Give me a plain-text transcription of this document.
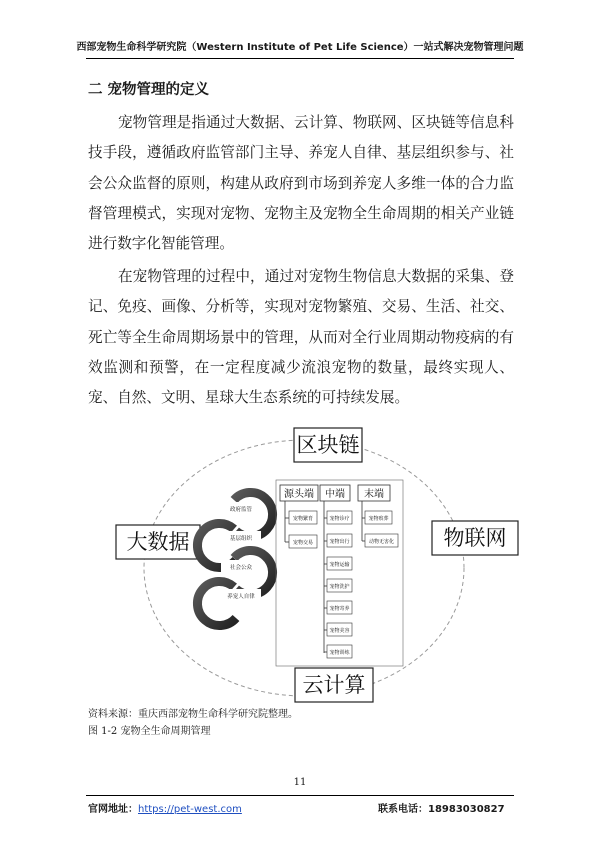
西部宠物生命科学研究院（Western Institute of Pet Life Science）一站式解决宠物管理问题
二 宠物管理的定义

宠物管理是指通过大数据、云计算、物联网、区块链等信息科技手段，遵循政府监管部门主导、养宠人自律、基层组织参与、社会公众监督的原则，构建从政府到市场到养宠人多维一体的合力监督管理模式，实现对宠物、宠物主及宠物全生命周期的相关产业链进行数字化智能管理。

在宠物管理的过程中，通过对宠物生物信息大数据的采集、登记、免疫、画像、分析等，实现对宠物繁殖、交易、生活、社交、死亡等全生命周期场景中的管理，从而对全行业周期动物疫病的有效监测和预警，在一定程度减少流浪宠物的数量，最终实现人、宠、自然、文明、星球大生态系统的可持续发展。

区块链
大数据	物联网
云计算
政府监管
基层组织
社会公众
养宠人自律
源头端
宠物繁育
宠物交易
中端
宠物诊疗
宠物出行
宠物运输
宠物洗护
宠物寄养
宠物美容
宠物训练
末端
宠物殡葬
动物无害化
资料来源：重庆西部宠物生命科学研究院整理。
图 1-2 宠物全生命周期管理
11
官网地址：https://pet-west.com	联系电话：18983030827
